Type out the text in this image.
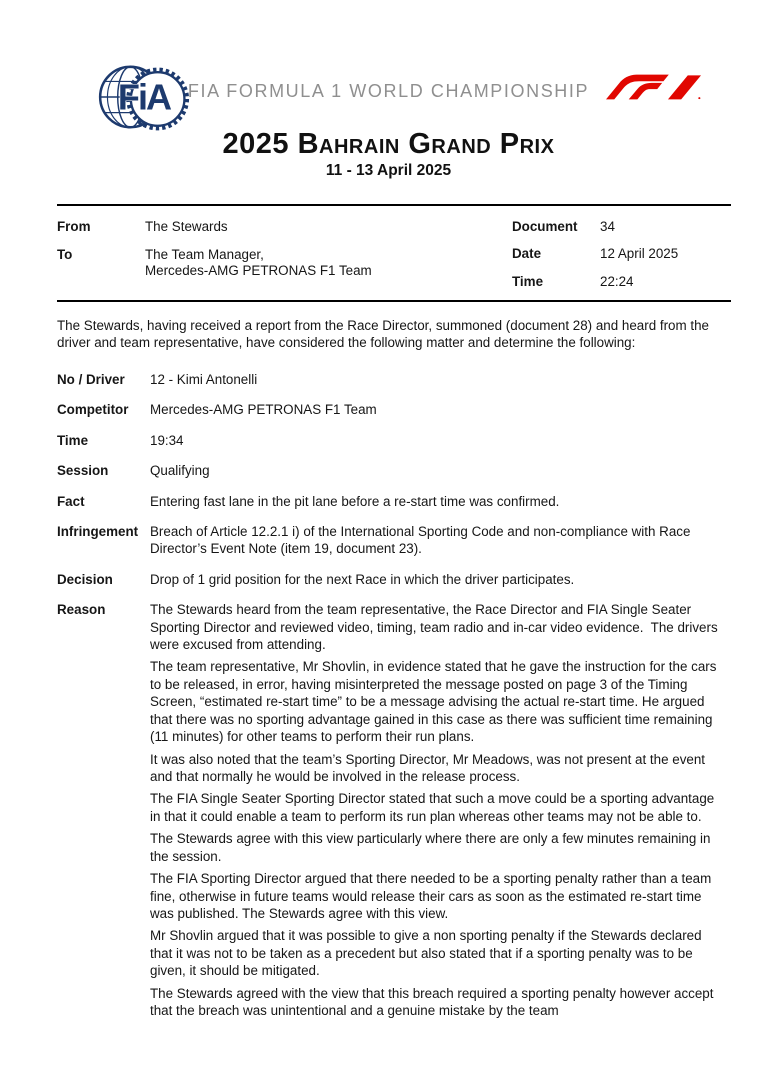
FiA FIA FORMULA 1 WORLD CHAMPIONSHIP
2025 Bahrain Grand Prix
11 - 13 April 2025
From	The Stewards
To	The Team Manager,
Mercedes-AMG PETRONAS F1 Team
Document	34
Date	12 April 2025
Time	22:24

The Stewards, having received a report from the Race Director, summoned (document 28) and heard from the driver and team representative, have considered the following matter and determine the following:

No / Driver	12 - Kimi Antonelli
Competitor	Mercedes-AMG PETRONAS F1 Team
Time	19:34
Session	Qualifying
Fact	Entering fast lane in the pit lane before a re-start time was confirmed.
Infringement Breach of Article 12.2.1 i) of the International Sporting Code and non-compliance with Race Director’s Event Note (item 19, document 23).
Decision	Drop of 1 grid position for the next Race in which the driver participates.
Reason	The Stewards heard from the team representative, the Race Director and FIA Single Seater Sporting Director and reviewed video, timing, team radio and in-car video evidence.  The drivers were excused from attending.

The team representative, Mr Shovlin, in evidence stated that he gave the instruction for the cars to be released, in error, having misinterpreted the message posted on page 3 of the Timing Screen, “estimated re-start time” to be a message advising the actual re-start time. He argued that there was no sporting advantage gained in this case as there was sufficient time remaining (11 minutes) for other teams to perform their run plans.

It was also noted that the team’s Sporting Director, Mr Meadows, was not present at the event and that normally he would be involved in the release process.

The FIA Single Seater Sporting Director stated that such a move could be a sporting advantage in that it could enable a team to perform its run plan whereas other teams may not be able to.

The Stewards agree with this view particularly where there are only a few minutes remaining in the session.

The FIA Sporting Director argued that there needed to be a sporting penalty rather than a team fine, otherwise in future teams would release their cars as soon as the estimated re-start time was published. The Stewards agree with this view.

Mr Shovlin argued that it was possible to give a non sporting penalty if the Stewards declared that it was not to be taken as a precedent but also stated that if a sporting penalty was to be given, it should be mitigated.

The Stewards agreed with the view that this breach required a sporting penalty however accept that the breach was unintentional and a genuine mistake by the team
